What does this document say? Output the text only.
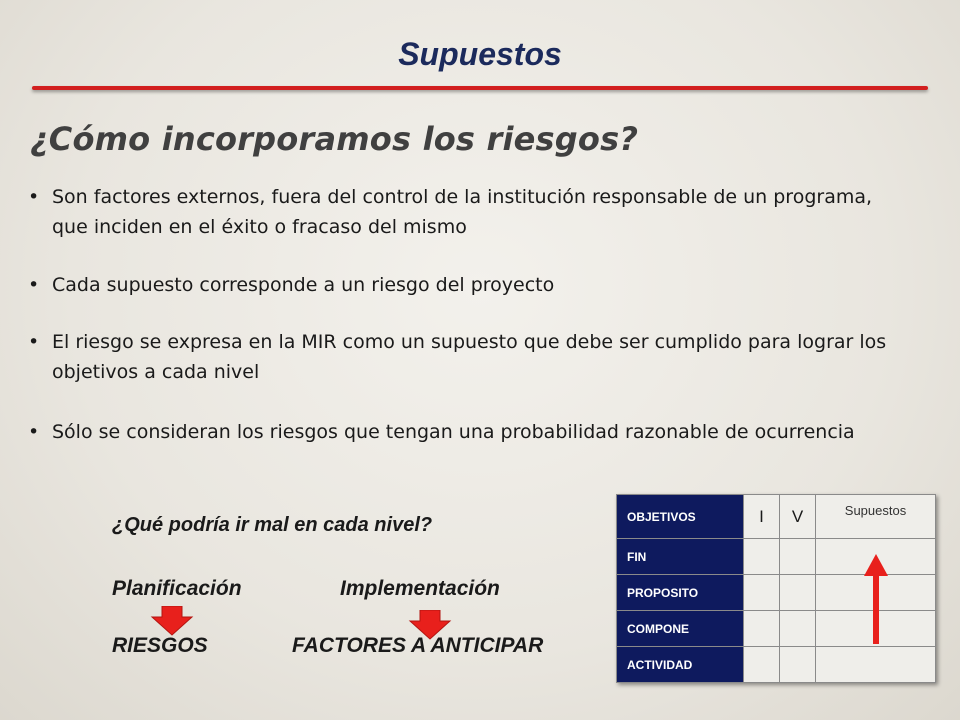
Supuestos
¿Cómo incorporamos los riesgos?
• Son factores externos, fuera del control de la institución responsable de un programa, que inciden en el éxito o fracaso del mismo
• Cada supuesto corresponde a un riesgo del proyecto
• El riesgo se expresa en la MIR como un supuesto que debe ser cumplido para lograr los objetivos a cada nivel
• Sólo se consideran los riesgos que tengan una probabilidad razonable de ocurrencia
¿Qué podría ir mal en cada nivel?
Planificación	Implementación
RIESGOS	FACTORES A ANTICIPAR
OBJETIVOS	I	V	Supuestos
FIN			
PROPOSITO			
COMPONE			
ACTIVIDAD			
